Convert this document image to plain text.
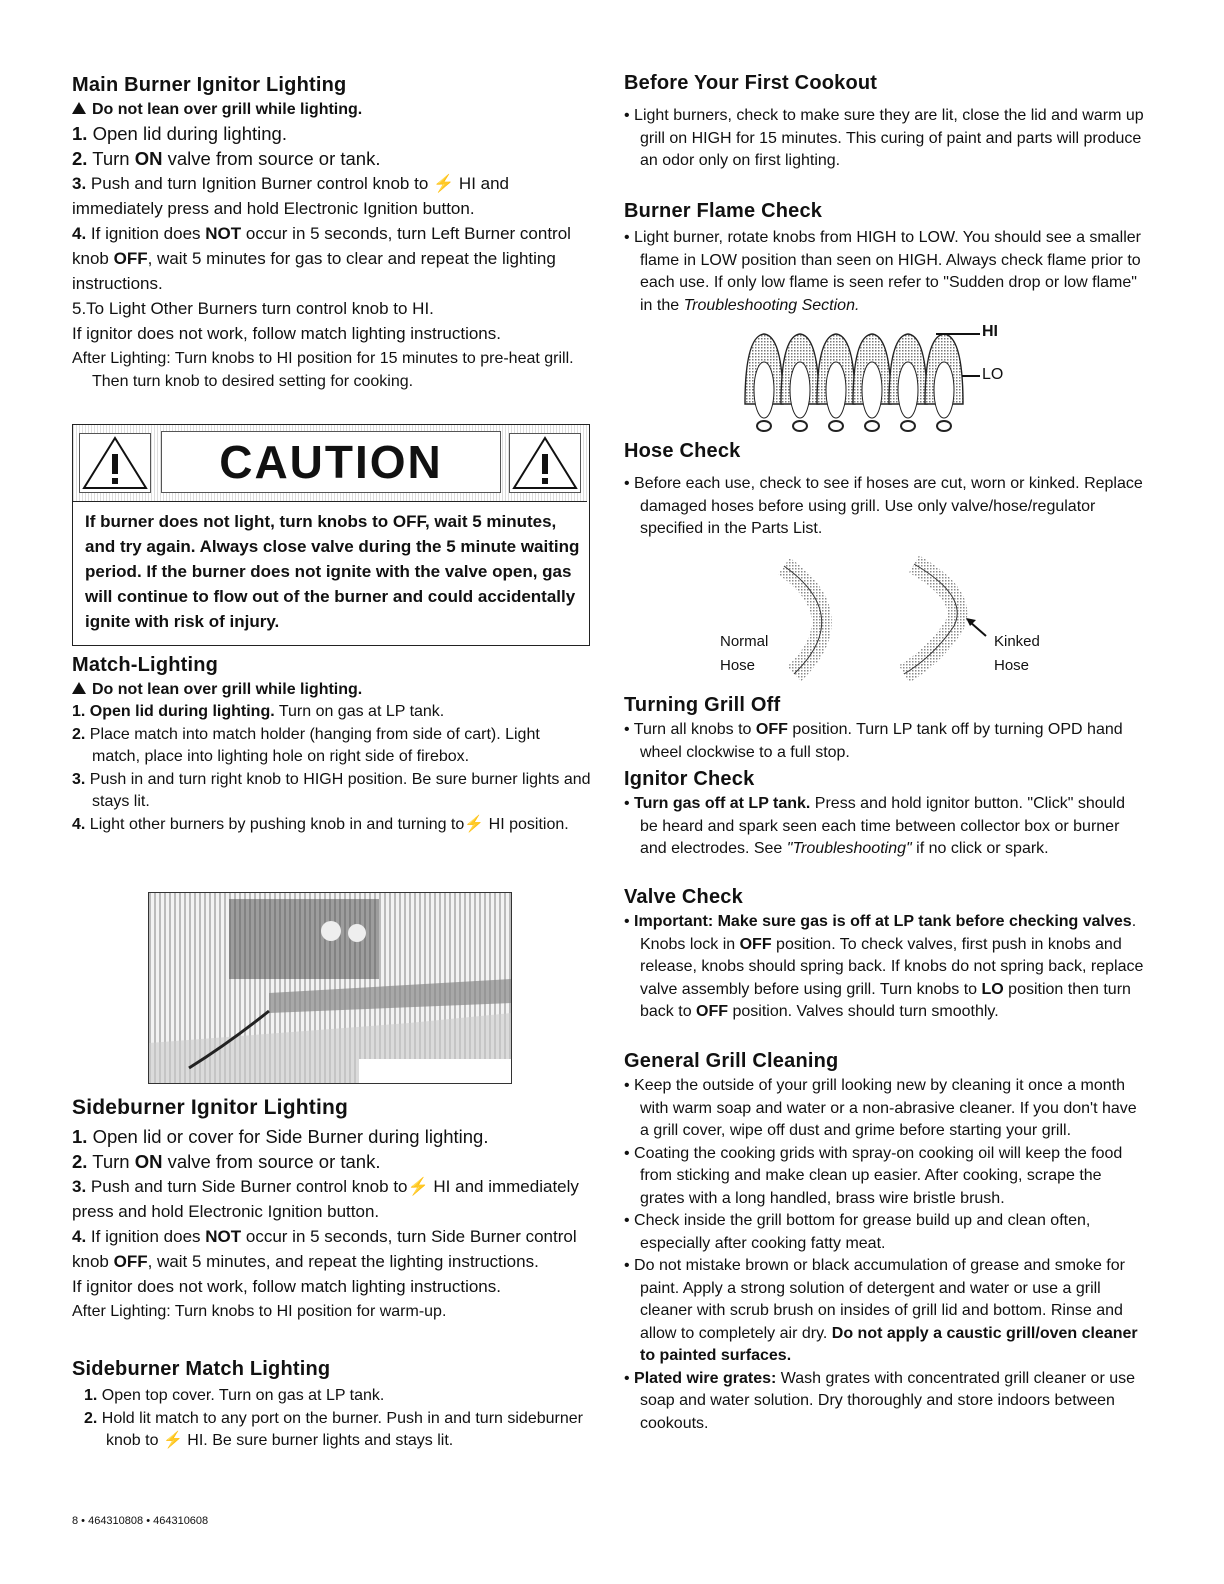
Main Burner Ignitor Lighting

Do not lean over grill while lighting.

1. Open lid during lighting.

2. Turn ON valve from source or tank.

3. Push and turn Ignition Burner control knob to ⚡ HI and immediately press and hold Electronic Ignition button.

4. If ignition does NOT occur in 5 seconds, turn Left Burner control knob OFF, wait 5 minutes for gas to clear and repeat the lighting instructions.

5.To Light Other Burners turn control knob to HI.

If ignitor does not work, follow match lighting instructions.

After Lighting: Turn knobs to HI position for 15 minutes to pre-heat grill. Then turn knob to desired setting for cooking.

CAUTION
If burner does not light, turn knobs to OFF, wait 5 minutes, and try again. Always close valve during the 5 minute waiting period. If the burner does not ignite with the valve open, gas will continue to flow out of the burner and could accidentally ignite with risk of injury.
Match-Lighting

Do not lean over grill while lighting.

1. Open lid during lighting. Turn on gas at LP tank.

2. Place match into match holder (hanging from side of cart). Light match, place into lighting hole on right side of firebox.

3. Push in and turn right knob to HIGH position. Be sure burner lights and stays lit.

4. Light other burners by pushing knob in and turning to⚡ HI position.

Sideburner Ignitor Lighting

1. Open lid or cover for Side Burner during lighting.

2. Turn ON valve from source or tank.

3. Push and turn Side Burner control knob to⚡ HI and immediately press and hold Electronic Ignition button.

4. If ignition does NOT occur in 5 seconds, turn Side Burner control knob OFF, wait 5 minutes, and repeat the lighting instructions.

If ignitor does not work, follow match lighting instructions.

After Lighting: Turn knobs to HI position for warm-up.

Sideburner Match Lighting

1. Open top cover. Turn on gas at LP tank.

2. Hold lit match to any port on the burner. Push in and turn sideburner knob to ⚡ HI. Be sure burner lights and stays lit.

Before Your First Cookout

• Light burners, check to make sure they are lit, close the lid and warm up grill on HIGH for 15 minutes. This curing of paint and parts will produce an odor only on first lighting.

Burner Flame Check

• Light burner, rotate knobs from HIGH to LOW. You should see a smaller flame in LOW position than seen on HIGH. Always check flame prior to each use. If only low flame is seen refer to "Sudden drop or low flame" in the Troubleshooting Section.

HI
LO
Hose Check

• Before each use, check to see if hoses are cut, worn or kinked. Replace damaged hoses before using grill. Use only valve/hose/regulator specified in the Parts List.

Normal
Hose
Kinked
Hose
Turning Grill Off

• Turn all knobs to OFF position. Turn LP tank off by turning OPD hand wheel clockwise to a full stop.

Ignitor Check

• Turn gas off at LP tank. Press and hold ignitor button. "Click" should be heard and spark seen each time between collector box or burner and electrodes. See "Troubleshooting" if no click or spark.

Valve Check

• Important: Make sure gas is off at LP tank before checking valves. Knobs lock in OFF position. To check valves, first push in knobs and release, knobs should spring back. If knobs do not spring back, replace valve assembly before using grill. Turn knobs to LO position then turn back to OFF position. Valves should turn smoothly.

General Grill Cleaning

• Keep the outside of your grill looking new by cleaning it once a month with warm soap and water or a non-abrasive cleaner. If you don't have a grill cover, wipe off dust and grime before starting your grill.

• Coating the cooking grids with spray-on cooking oil will keep the food from sticking and make clean up easier. After cooking, scrape the grates with a long handled, brass wire bristle brush.

• Check inside the grill bottom for grease build up and clean often, especially after cooking fatty meat.

• Do not mistake brown or black accumulation of grease and smoke for paint. Apply a strong solution of detergent and water or use a grill cleaner with scrub brush on insides of grill lid and bottom. Rinse and allow to completely air dry. Do not apply a caustic grill/oven cleaner to painted surfaces.

• Plated wire grates: Wash grates with concentrated grill cleaner or use soap and water solution. Dry thoroughly and store indoors between cookouts.

8 • 464310808 • 464310608
